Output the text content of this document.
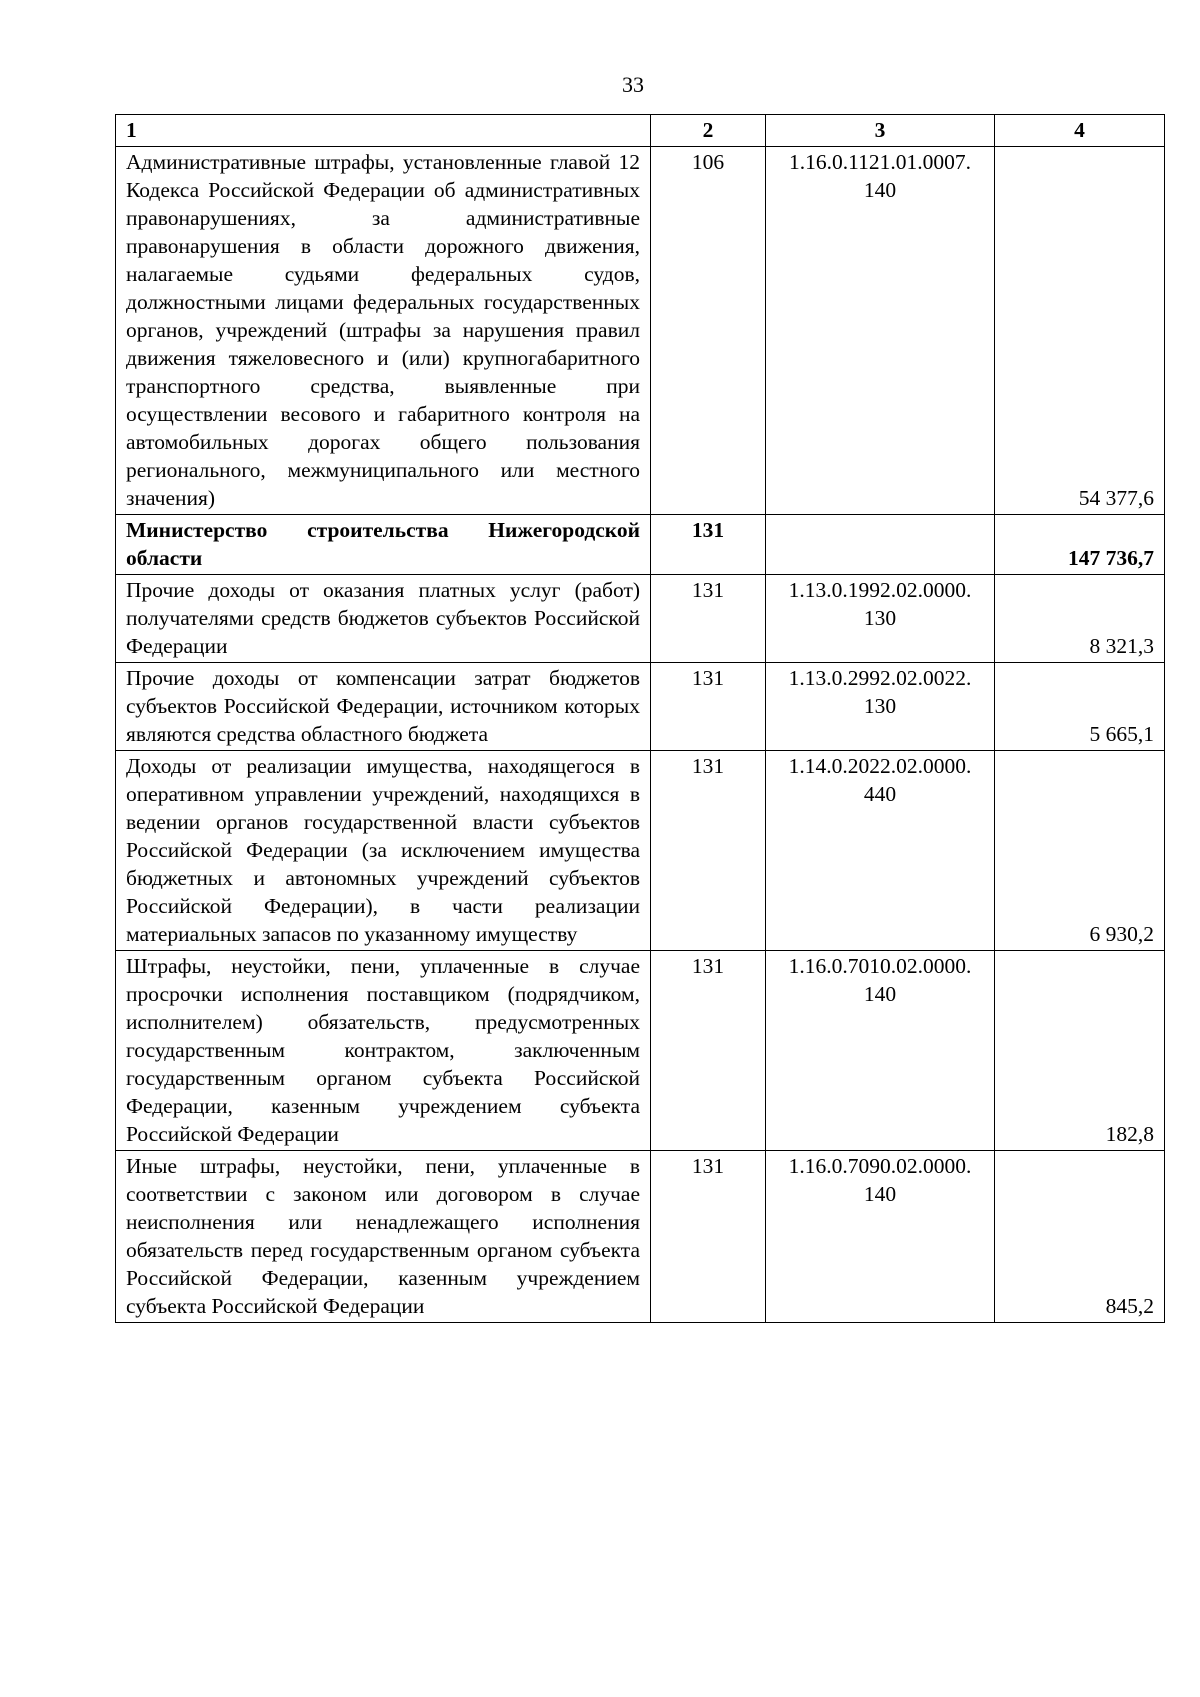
33
1	2	3	4
Административные штрафы, установленные главой 12 Кодекса Российской Федерации об административных правонарушениях, за административные правонарушения в области дорожного движения, налагаемые судьями федеральных судов, должностными лицами федеральных государственных органов, учреждений (штрафы за нарушения правил движения тяжеловесного и (или) крупногабаритного транспортного средства, выявленные при осуществлении весового и габаритного контроля на автомобильных дорогах общего пользования регионального, межмуниципального или местного значения)	106	1.16.0.1121.01.0007. 140	54 377,6
Министерство строительства Нижегородской области	131		147 736,7
Прочие доходы от оказания платных услуг (работ) получателями средств бюджетов субъектов Российской Федерации	131	1.13.0.1992.02.0000. 130	8 321,3
Прочие доходы от компенсации затрат бюджетов субъектов Российской Федерации, источником которых являются средства областного бюджета	131	1.13.0.2992.02.0022. 130	5 665,1
Доходы от реализации имущества, находящегося в оперативном управлении учреждений, находящихся в ведении органов государственной власти субъектов Российской Федерации (за исключением имущества бюджетных и автономных учреждений субъектов Российской Федерации), в части реализации материальных запасов по указанному имуществу	131	1.14.0.2022.02.0000. 440	6 930,2
Штрафы, неустойки, пени, уплаченные в случае просрочки исполнения поставщиком (подрядчиком, исполнителем) обязательств, предусмотренных государственным контрактом, заключенным государственным органом субъекта Российской Федерации, казенным учреждением субъекта Российской Федерации	131	1.16.0.7010.02.0000. 140	182,8
Иные штрафы, неустойки, пени, уплаченные в соответствии с законом или договором в случае неисполнения или ненадлежащего исполнения обязательств перед государственным органом субъекта Российской Федерации, казенным учреждением субъекта Российской Федерации	131	1.16.0.7090.02.0000. 140	845,2
